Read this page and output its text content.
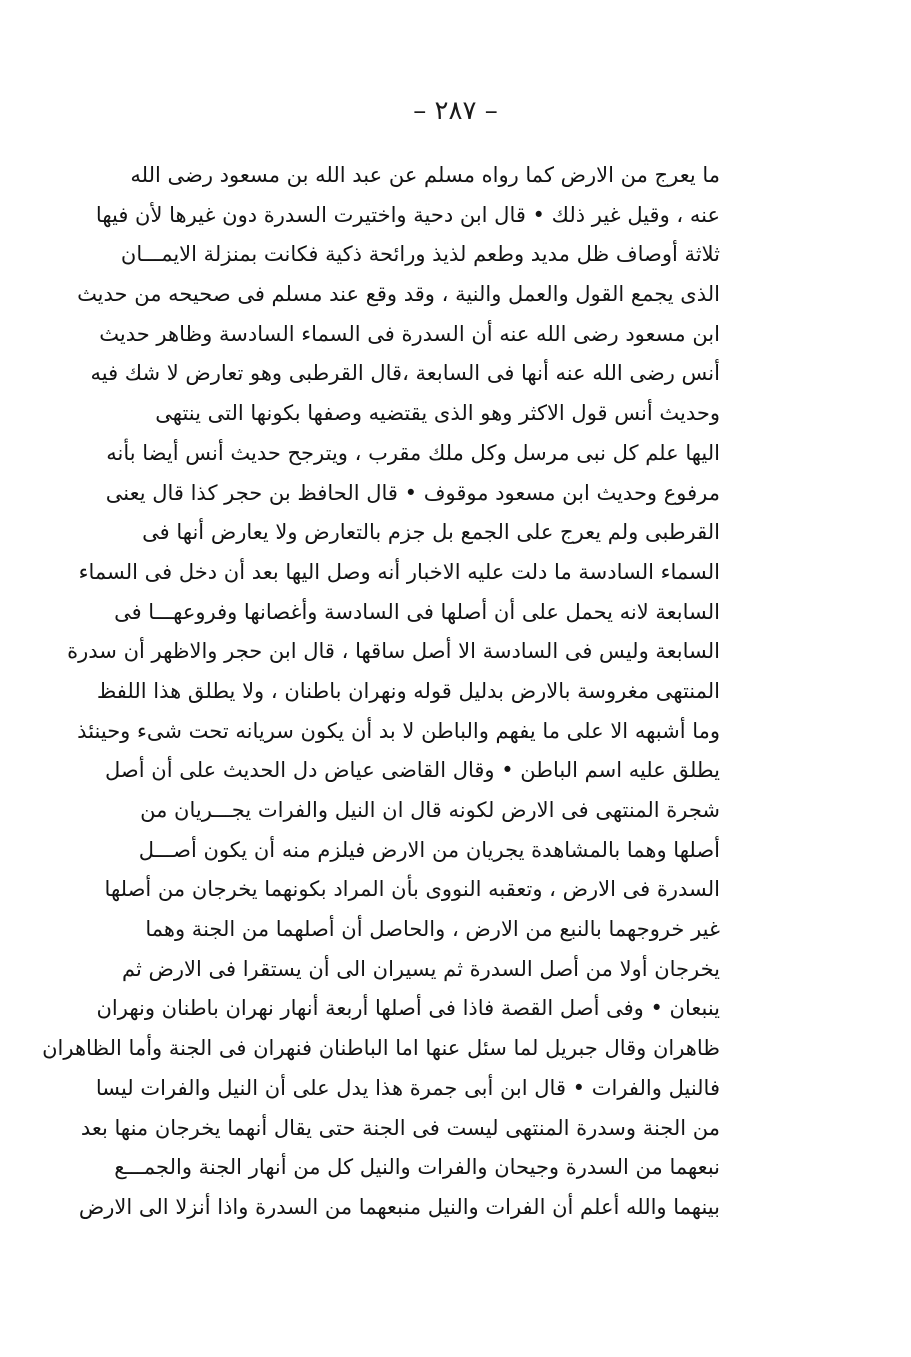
– ٢٨٧ –
ما يعرج من الارض كما رواه مسلم عن عبد الله بن مسعود رضى الله
عنه ، وقيل غير ذلك • قال ابن دحية واختيرت السدرة دون غيرها لأن فيها
ثلاثة أوصاف ظل مديد وطعم لذيذ ورائحة ذكية فكانت بمنزلة الايمـــان
الذى يجمع القول والعمل والنية ، وقد وقع عند مسلم فى صحيحه من حديث
ابن مسعود رضى الله عنه أن السدرة فى السماء السادسة وظاهر حديث
أنس رضى الله عنه أنها فى السابعة ،قال القرطبى وهو تعارض لا شك فيه
وحديث أنس قول الاكثر وهو الذى يقتضيه وصفها بكونها التى ينتهى
اليها علم كل نبى مرسل وكل ملك مقرب ، ويترجح حديث أنس أيضا بأنه
مرفوع وحديث ابن مسعود موقوف • قال الحافظ بن حجر كذا قال يعنى
القرطبى ولم يعرج على الجمع بل جزم بالتعارض ولا يعارض أنها فى
السماء السادسة ما دلت عليه الاخبار أنه وصل اليها بعد أن دخل فى السماء
السابعة لانه يحمل على أن أصلها فى السادسة وأغصانها وفروعهـــا فى
السابعة وليس فى السادسة الا أصل ساقها ، قال ابن حجر والاظهر أن سدرة
المنتهى مغروسة بالارض بدليل قوله ونهران باطنان ، ولا يطلق هذا اللفظ
وما أشبهه الا على ما يفهم والباطن لا بد أن يكون سريانه تحت شىء وحينئذ
يطلق عليه اسم الباطن • وقال القاضى عياض دل الحديث على أن أصل
شجرة المنتهى فى الارض لكونه قال ان النيل والفرات يجـــريان من
أصلها وهما بالمشاهدة يجريان من الارض فيلزم منه أن يكون أصـــل
السدرة فى الارض ، وتعقبه النووى بأن المراد بكونهما يخرجان من أصلها
غير خروجهما بالنبع من الارض ، والحاصل أن أصلهما من الجنة وهما
يخرجان أولا من أصل السدرة ثم يسيران الى أن يستقرا فى الارض ثم
ينبعان • وفى أصل القصة فاذا فى أصلها أربعة أنهار نهران باطنان ونهران
ظاهران وقال جبريل لما سئل عنها اما الباطنان فنهران فى الجنة وأما الظاهران
فالنيل والفرات • قال ابن أبى جمرة هذا يدل على أن النيل والفرات ليسا
من الجنة وسدرة المنتهى ليست فى الجنة حتى يقال أنهما يخرجان منها بعد
نبعهما من السدرة وجيحان والفرات والنيل كل من أنهار الجنة والجمـــع
بينهما والله أعلم أن الفرات والنيل منبعهما من السدرة واذا أنزلا الى الارض
